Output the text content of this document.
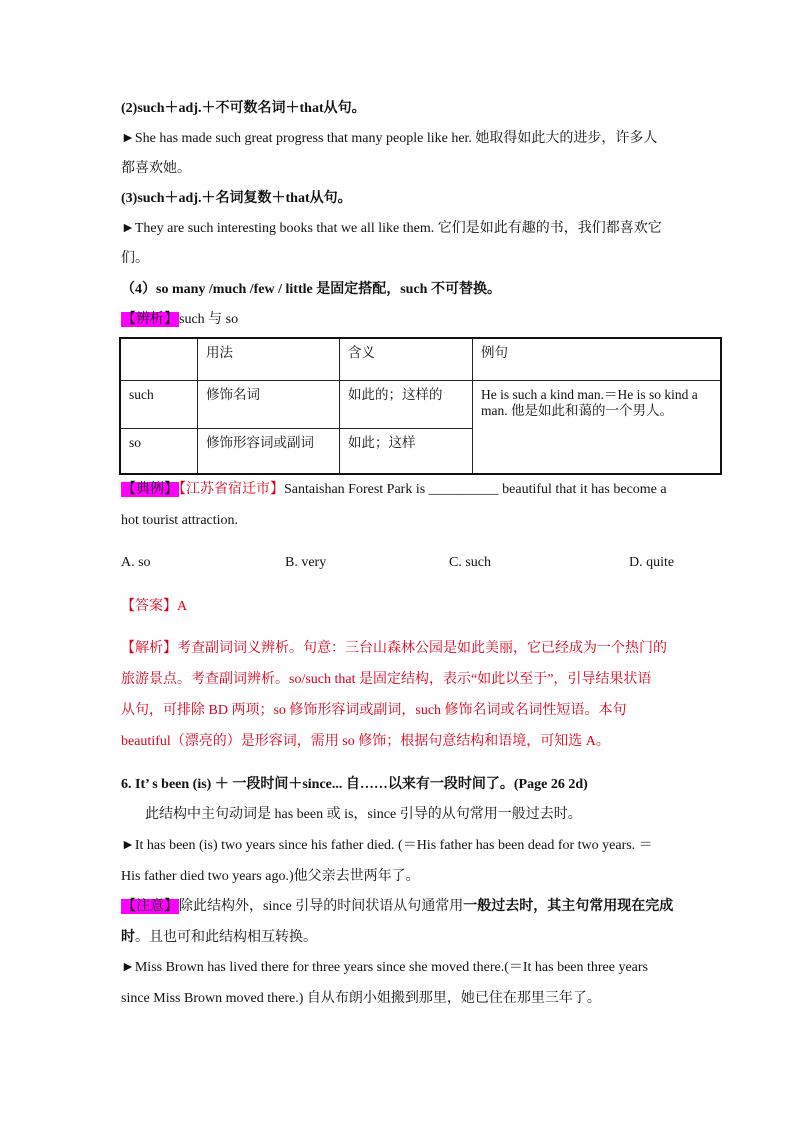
(2)such＋adj.＋不可数名词＋that从句。
►She has made such great progress that many people like her. 她取得如此大的进步，许多人
都喜欢她。
(3)such＋adj.＋名词复数＋that从句。
►They are such interesting books that we all like them. 它们是如此有趣的书，我们都喜欢它
们。
（4）so many /much /few / little 是固定搭配，such 不可替换。
【辨析】such 与 so
	用法	含义	例句
such	修饰名词	如此的；这样的	He is such a kind man.＝He is so kind a man. 他是如此和蔼的一个男人。
so	修饰形容词或副词	如此；这样	
【典例】【江苏省宿迁市】Santaishan Forest Park is __________ beautiful that it has become a
hot tourist attraction.
A. so	B. very	C. such	D. quite
【答案】A
【解析】考查副词词义辨析。句意：三台山森林公园是如此美丽，它已经成为一个热门的
旅游景点。考查副词辨析。so/such that 是固定结构，表示“如此以至于”，引导结果状语
从句，可排除 BD 两项；so 修饰形容词或副词，such 修饰名词或名词性短语。本句
beautiful（漂亮的）是形容词，需用 so 修饰；根据句意结构和语境，可知选 A。
6. It’ s been (is) ＋ 一段时间＋since... 自……以来有一段时间了。(Page 26 2d)
此结构中主句动词是 has been 或 is，since 引导的从句常用一般过去时。
►It has been (is) two years since his father died. (＝His father has been dead for two years. ＝
His father died two years ago.)他父亲去世两年了。
【注意】除此结构外，since 引导的时间状语从句通常用一般过去时，其主句常用现在完成
时。且也可和此结构相互转换。
►Miss Brown has lived there for three years since she moved there.(＝It has been three years
since Miss Brown moved there.) 自从布朗小姐搬到那里，她已住在那里三年了。
